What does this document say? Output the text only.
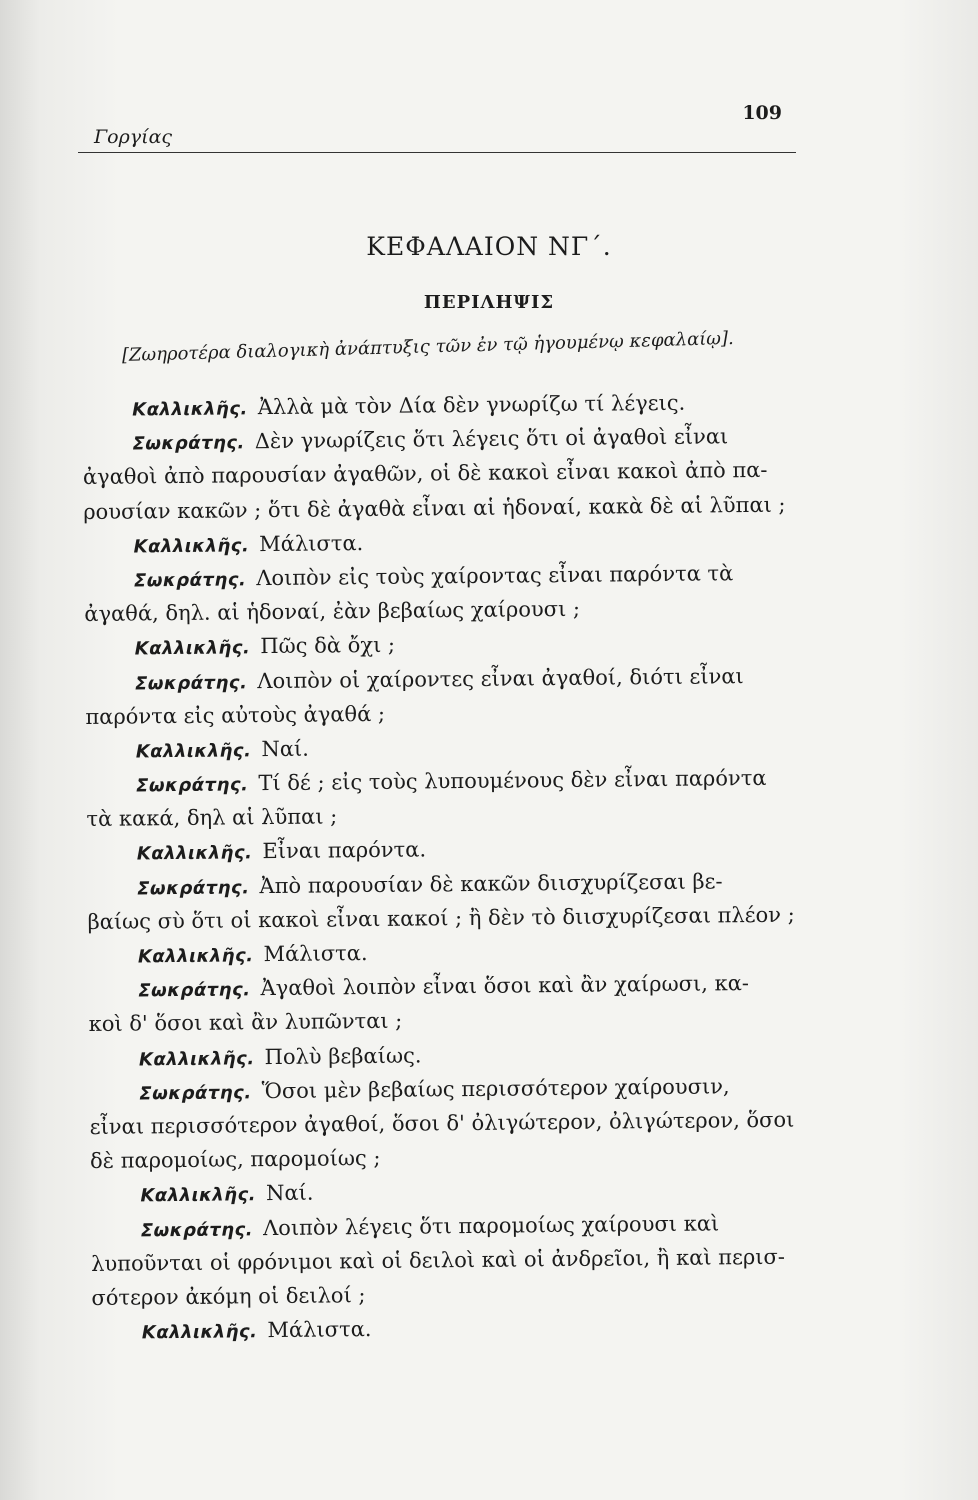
Γοργίας
109
ΚΕΦΑΛΑΙΟΝ ΝΓ΄.
ΠΕΡΙΛΗΨΙΣ
[Ζωηροτέρα διαλογικὴ ἀνάπτυξις τῶν ἐν τῷ ἡγουμένῳ κεφαλαίῳ].
Καλλικλῆς. Ἀλλὰ μὰ τὸν Δία δὲν γνωρίζω τί λέγεις.
Σωκράτης. Δὲν γνωρίζεις ὅτι λέγεις ὅτι οἱ ἀγαθοὶ εἶναι
ἀγαθοὶ ἀπὸ παρουσίαν ἀγαθῶν, οἱ δὲ κακοὶ εἶναι κακοὶ ἀπὸ πα-
ρουσίαν κακῶν ; ὅτι δὲ ἀγαθὰ εἶναι αἱ ἡδοναί, κακὰ δὲ αἱ λῦπαι ;
Καλλικλῆς. Μάλιστα.
Σωκράτης. Λοιπὸν εἰς τοὺς χαίροντας εἶναι παρόντα τὰ
ἀγαθά, δηλ. αἱ ἡδοναί, ἐὰν βεβαίως χαίρουσι ;
Καλλικλῆς. Πῶς δὰ ὄχι ;
Σωκράτης. Λοιπὸν οἱ χαίροντες εἶναι ἀγαθοί, διότι εἶναι
παρόντα εἰς αὐτοὺς ἀγαθά ;
Καλλικλῆς. Ναί.
Σωκράτης. Τί δέ ; εἰς τοὺς λυπουμένους δὲν εἶναι παρόντα
τὰ κακά, δηλ αἱ λῦπαι ;
Καλλικλῆς. Εἶναι παρόντα.
Σωκράτης. Ἀπὸ παρουσίαν δὲ κακῶν διισχυρίζεσαι βε-
βαίως σὺ ὅτι οἱ κακοὶ εἶναι κακοί ; ἢ δὲν τὸ διισχυρίζεσαι πλέον ;
Καλλικλῆς. Μάλιστα.
Σωκράτης. Ἀγαθοὶ λοιπὸν εἶναι ὅσοι καὶ ἂν χαίρωσι, κα-
κοὶ δ' ὅσοι καὶ ἂν λυπῶνται ;
Καλλικλῆς. Πολὺ βεβαίως.
Σωκράτης. Ὅσοι μὲν βεβαίως περισσότερον χαίρουσιν,
εἶναι περισσότερον ἀγαθοί, ὅσοι δ' ὀλιγώτερον, ὀλιγώτερον, ὅσοι
δὲ παρομοίως, παρομοίως ;
Καλλικλῆς. Ναί.
Σωκράτης. Λοιπὸν λέγεις ὅτι παρομοίως χαίρουσι καὶ
λυποῦνται οἱ φρόνιμοι καὶ οἱ δειλοὶ καὶ οἱ ἀνδρεῖοι, ἢ καὶ περισ-
σότερον ἀκόμη οἱ δειλοί ;
Καλλικλῆς. Μάλιστα.
